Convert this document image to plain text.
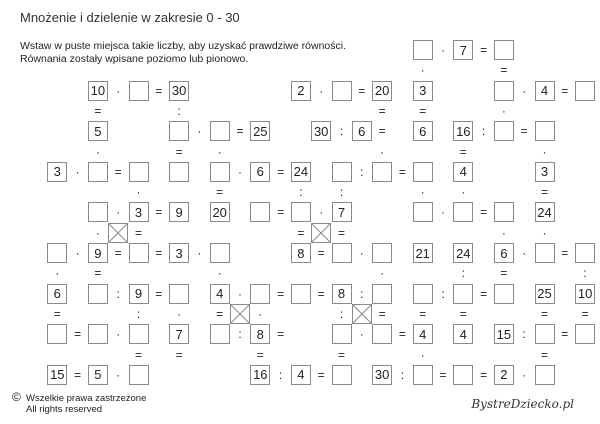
Mnożenie i dzielenie w zakresie 0 - 30
Wstaw w puste miejsca takie liczby, aby uzyskać prawdziwe równości.
Równania zostały wpisane poziomo lub pionowo.
·	7	=
·	=
10 ·	= 30	2	·	= 20	3	·	4	=
=	:	=	=	·
5	·	= 25	30 :	6	=	6	16 :	=
·	=	·	·	=	·
3	·	=	·	6	= 24	:	=	4	3
·	=	:	:	·	·	=
·	3	=	9	20	=	·	7	·	=	24
· ☒ =	= ☒ =	·	·
·	9	=	=	3	·	8	=	·	21 24	6	·	=
·	=	·	·	:	=	:
6	:	9	=	4	·	=	=	8	:	:	=	25 10
=	:	·	= ☒ ·	: ☒ =	=	=	=	=
=	·	7	:	8	=	·	=	4	4	15 :	=
=	=	=	=	·	=
15 =	5	·	16 :	4	=	30 :	=	=	2	·
© Wszelkie prawa zastrzeżone
All rights reserved	BystreDziecko.pl
